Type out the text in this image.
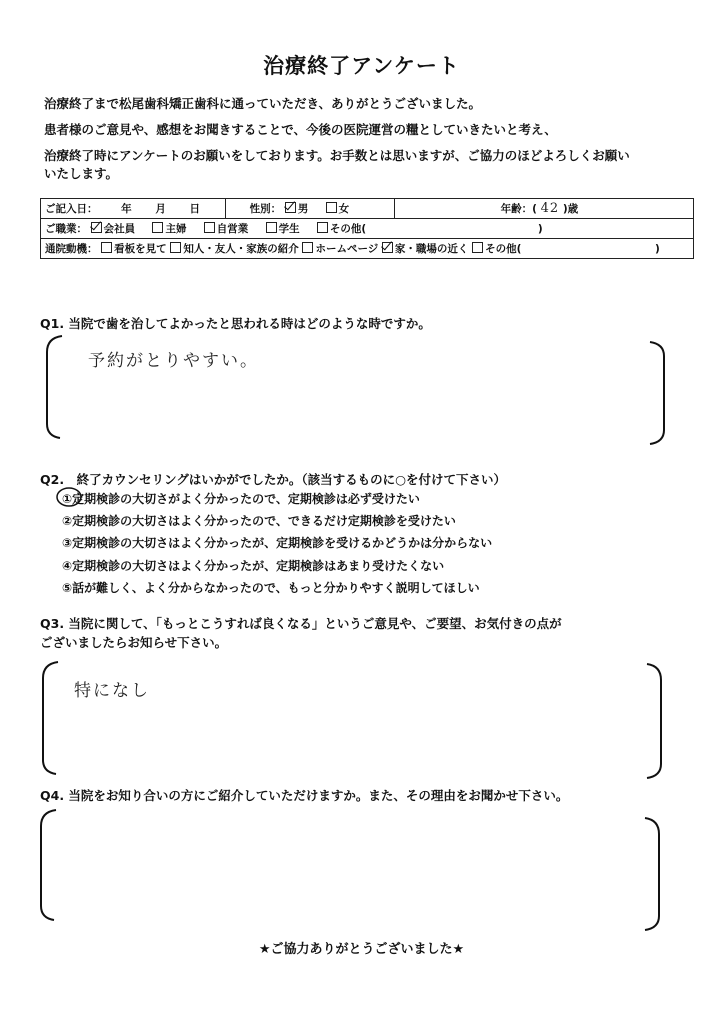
治療終了アンケート
治療終了まで松尾歯科矯正歯科に通っていただき、ありがとうございました。
患者様のご意見や、感想をお聞きすることで、今後の医院運営の糧としていきたいと考え、
治療終了時にアンケートのお願いをしております。お手数とは思いますが、ご協力のほどよろしくお願い
いたします。
ご記入日： 年 月 日	性別： 男	女	年齢：( 42 )歳
ご職業： 会社員	主婦	自営業	学生	その他(	)
通院動機： 看板を見て 知人・友人・家族の紹介 ホームページ 家・職場の近く その他(	)
Q1. 当院で歯を治してよかったと思われる時はどのような時ですか。
予約がとりやすい。
Q2.　終了カウンセリングはいかがでしたか。（該当するものに○を付けて下さい）
①定期検診の大切さがよく分かったので、定期検診は必ず受けたい
②定期検診の大切さはよく分かったので、できるだけ定期検診を受けたい
③定期検診の大切さはよく分かったが、定期検診を受けるかどうかは分からない
④定期検診の大切さはよく分かったが、定期検診はあまり受けたくない
⑤話が難しく、よく分からなかったので、もっと分かりやすく説明してほしい
Q3. 当院に関して、「もっとこうすれば良くなる」というご意見や、ご要望、お気付きの点が
ございましたらお知らせ下さい。
特になし
Q4. 当院をお知り合いの方にご紹介していただけますか。また、その理由をお聞かせ下さい。
★ご協力ありがとうございました★
